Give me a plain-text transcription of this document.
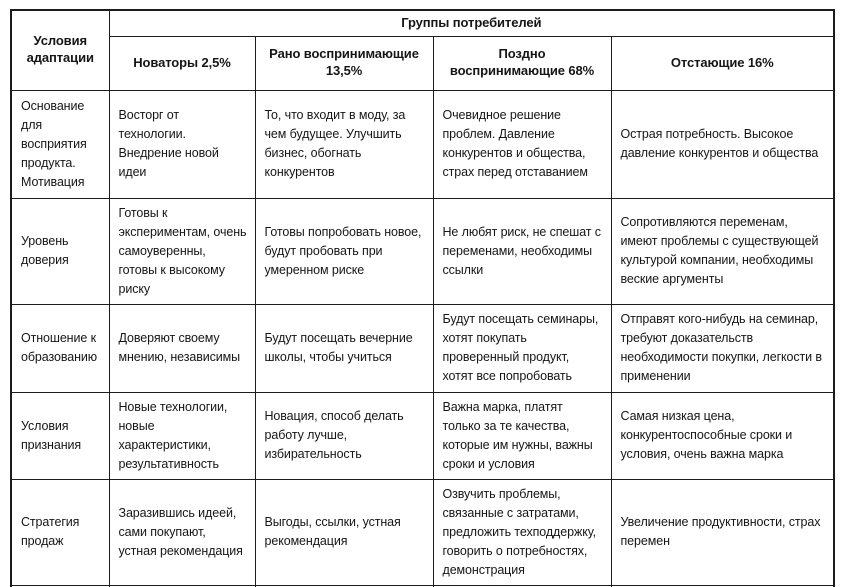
Условия адаптации	Группы потребителей			
	Новаторы 2,5%	Рано воспринимающие 13,5%	Поздно воспринимающие 68%	Отстающие 16%
Основание для восприятия продукта. Мотивация	Восторг от технологии. Внедрение новой идеи	То, что входит в моду, за чем будущее. Улучшить бизнес, обогнать конкурентов	Очевидное решение проблем. Давление конкурентов и общества, страх перед отставанием	Острая потребность. Высокое давление конкурентов и общества
Уровень доверия	Готовы к экспериментам, очень самоуверенны, готовы к высокому риску	Готовы попробовать новое, будут пробовать при умеренном риске	Не любят риск, не спешат с переменами, необходимы ссылки	Сопротивляются переменам, имеют проблемы с существующей культурой компании, необходимы веские аргументы
Отношение к образованию	Доверяют своему мнению, независимы	Будут посещать вечерние школы, чтобы учиться	Будут посещать семинары, хотят покупать проверенный продукт, хотят все попробовать	Отправят кого-нибудь на семинар, требуют доказательств необходимости покупки, легкости в применении
Условия признания	Новые технологии, новые характеристики, результативность	Новация, способ делать работу лучше, избирательность	Важна марка, платят только за те качества, которые им нужны, важны сроки и условия	Самая низкая цена, конкурентоспособные сроки и условия, очень важна марка
Стратегия продаж	Заразившись идеей, сами покупают, устная рекомендация	Выгоды, ссылки, устная рекомендация	Озвучить проблемы, связанные с затратами, предложить техподдержку, говорить о потребностях, демонстрация	Увеличение продуктивности, страх перемен
